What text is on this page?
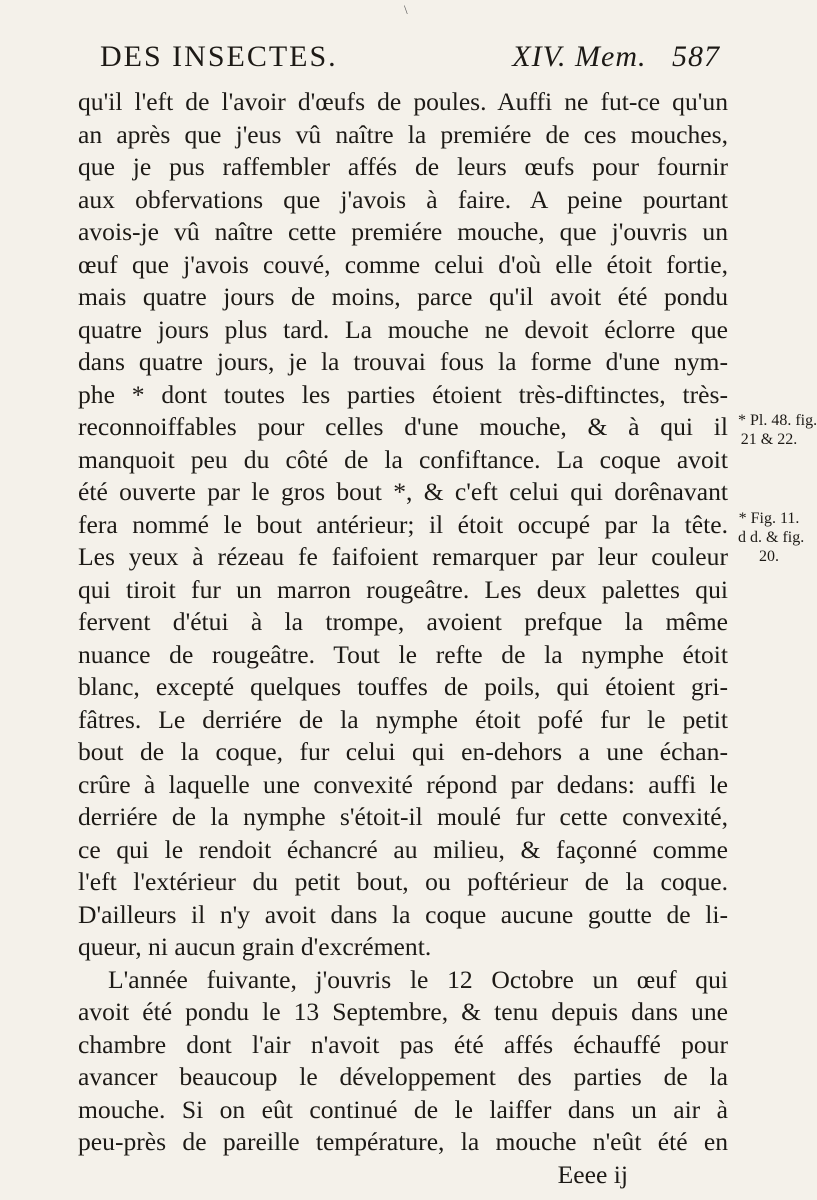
\
DES INSECTES.	XIV. Mem. 587
qu'il l'eft de l'avoir d'œufs de poules. Auffi ne fut-ce qu'un
an après que j'eus vû naître la premiére de ces mouches,
que je pus raffembler affés de leurs œufs pour fournir
aux obfervations que j'avois à faire. A peine pourtant
avois-je vû naître cette premiére mouche, que j'ouvris un
œuf que j'avois couvé, comme celui d'où elle étoit fortie,
mais quatre jours de moins, parce qu'il avoit été pondu
quatre jours plus tard. La mouche ne devoit éclorre que
dans quatre jours, je la trouvai fous la forme d'une nym-
phe * dont toutes les parties étoient très-diftinctes, très-
reconnoiffables pour celles d'une mouche, & à qui il
manquoit peu du côté de la confiftance. La coque avoit
été ouverte par le gros bout *, & c'eft celui qui dorênavant
fera nommé le bout antérieur; il étoit occupé par la tête.
Les yeux à rézeau fe faifoient remarquer par leur couleur
qui tiroit fur un marron rougeâtre. Les deux palettes qui
fervent d'étui à la trompe, avoient prefque la même
nuance de rougeâtre. Tout le refte de la nymphe étoit
blanc, excepté quelques touffes de poils, qui étoient gri-
fâtres. Le derriére de la nymphe étoit pofé fur le petit
bout de la coque, fur celui qui en-dehors a une échan-
crûre à laquelle une convexité répond par dedans: auffi le
derriére de la nymphe s'étoit-il moulé fur cette convexité,
ce qui le rendoit échancré au milieu, & façonné comme
l'eft l'extérieur du petit bout, ou poftérieur de la coque.
D'ailleurs il n'y avoit dans la coque aucune goutte de li-
queur, ni aucun grain d'excrément.
L'année fuivante, j'ouvris le 12 Octobre un œuf qui
avoit été pondu le 13 Septembre, & tenu depuis dans une
chambre dont l'air n'avoit pas été affés échauffé pour
avancer beaucoup le développement des parties de la
mouche. Si on eût continué de le laiffer dans un air à
peu-près de pareille température, la mouche n'eût été en
Eeee ij
* Pl. 48. fig.
21 & 22.
* Fig. 11.
d d. & fig.
20.
